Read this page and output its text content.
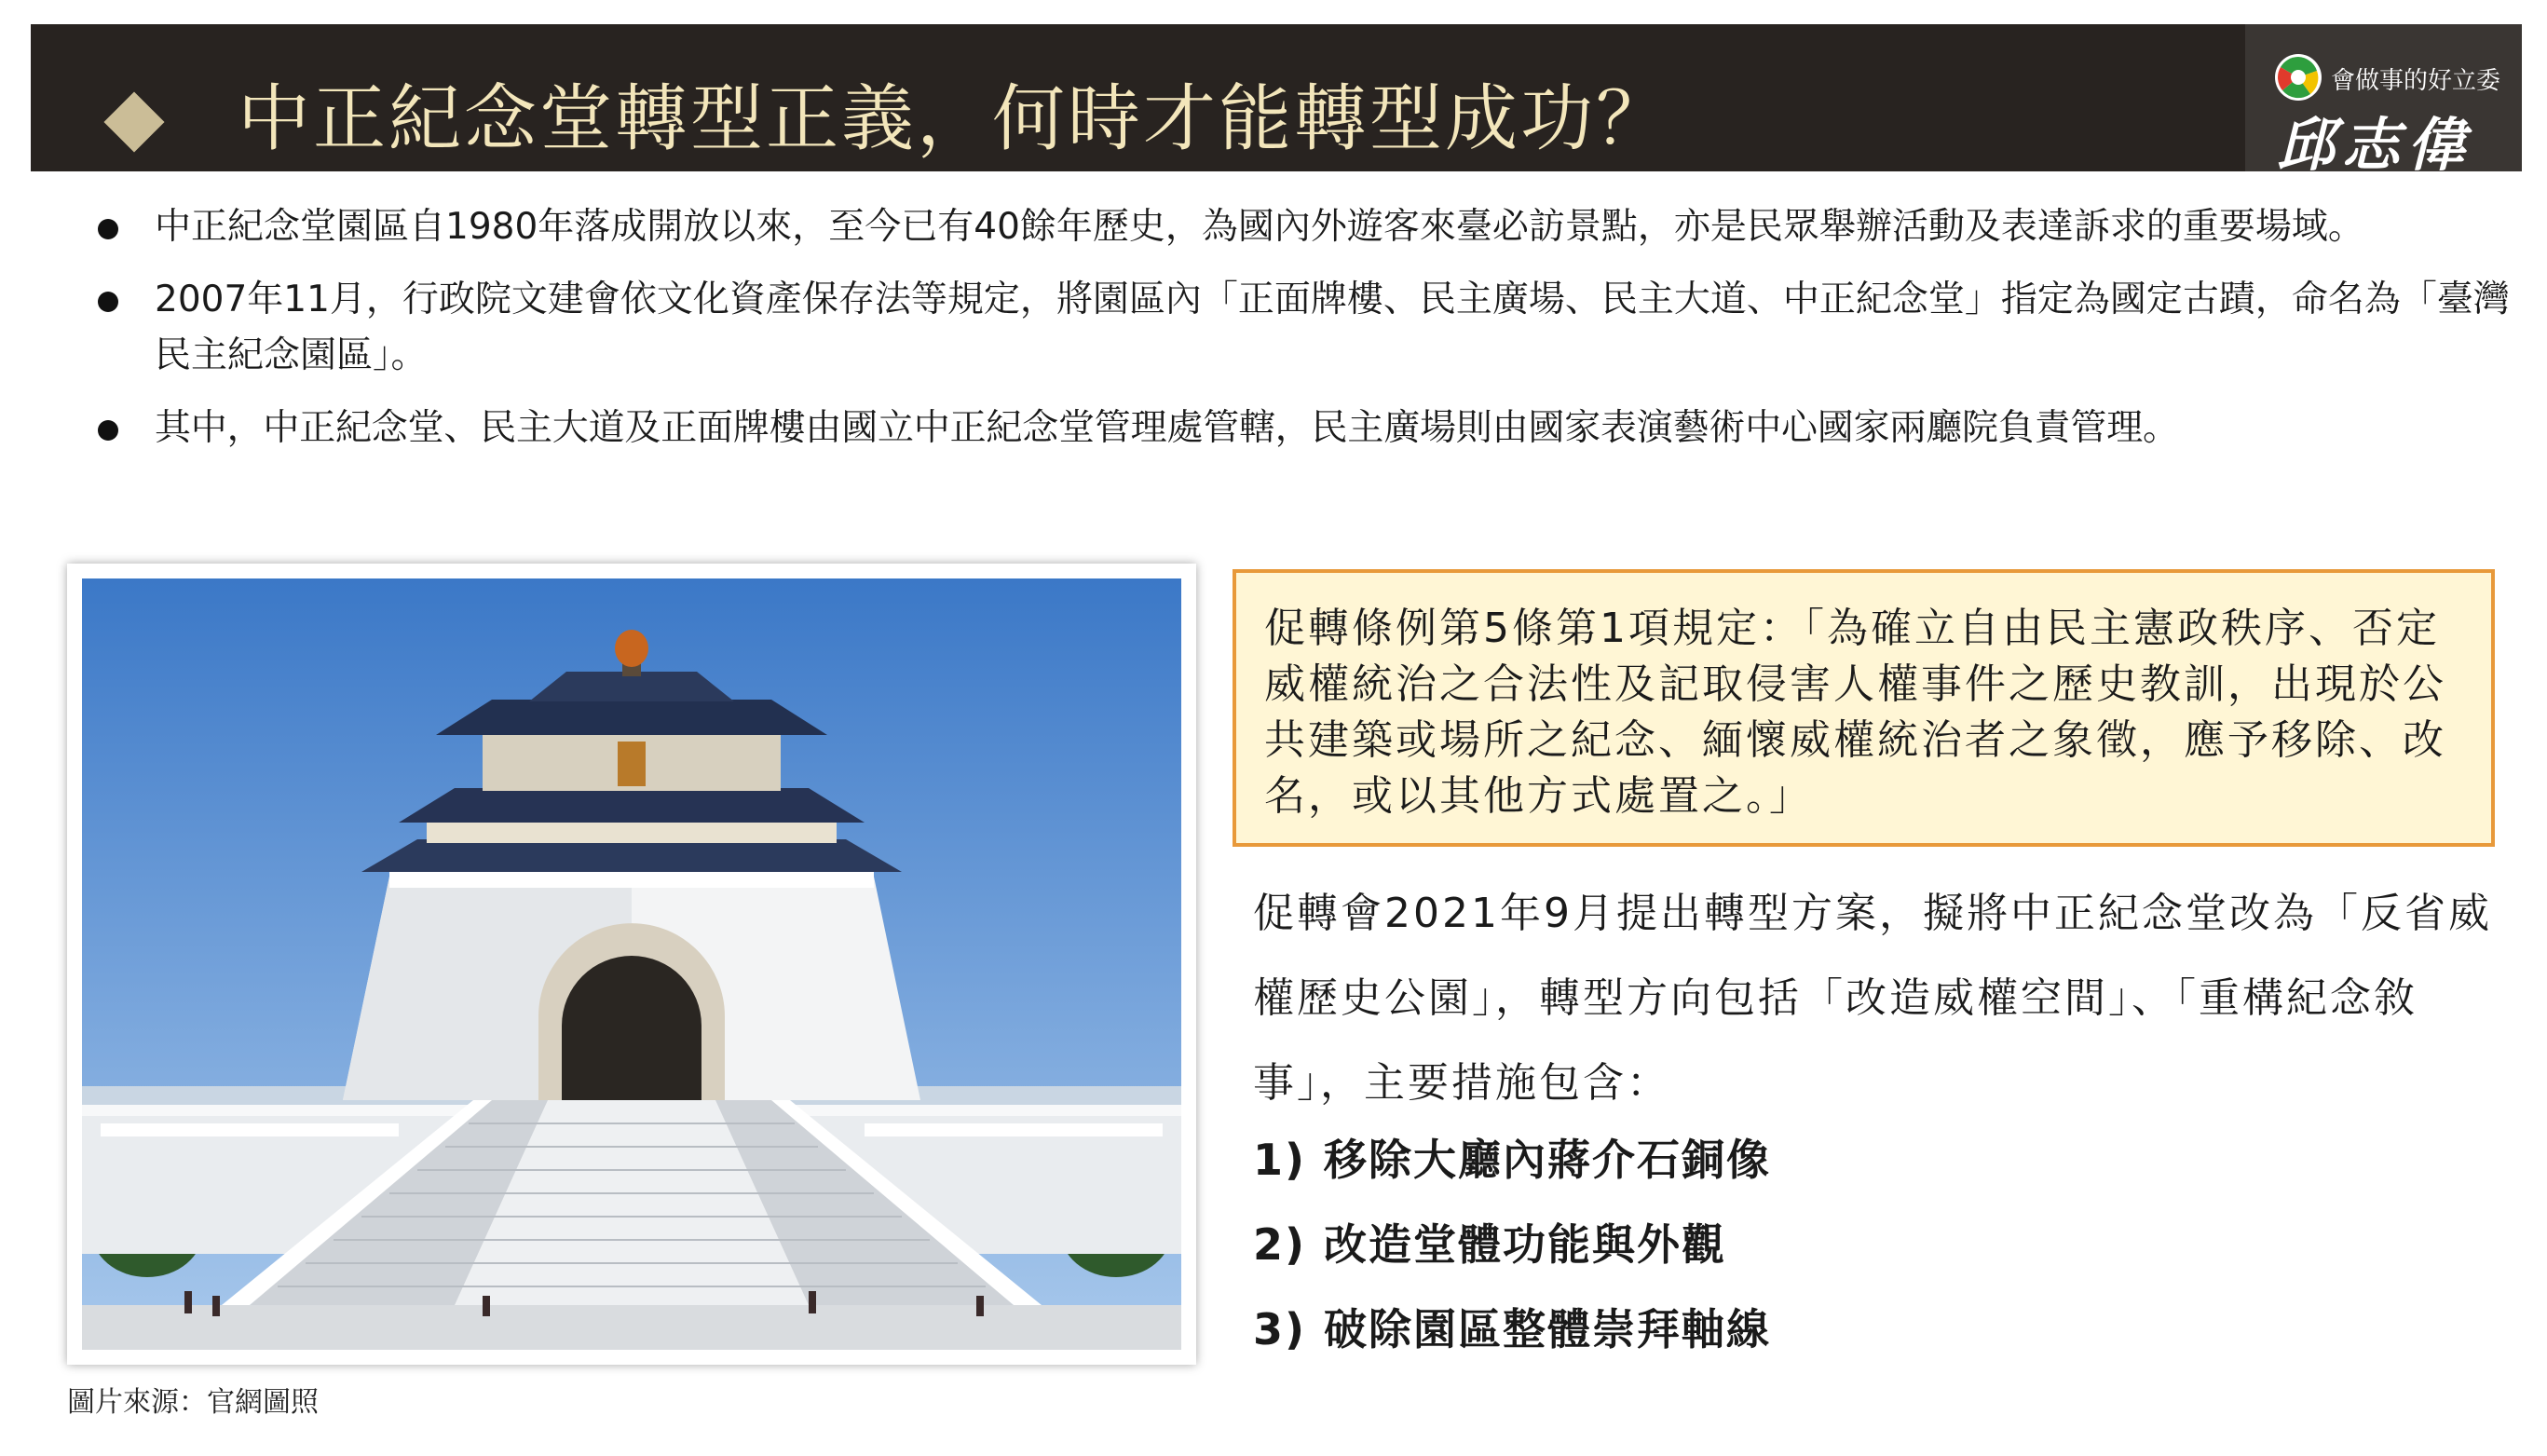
中正紀念堂轉型正義，何時才能轉型成功？	會做事的好立委
邱志偉
中正紀念堂園區自1980年落成開放以來，至今已有40餘年歷史，為國內外遊客來臺必訪景點，亦是民眾舉辦活動及表達訴求的重要場域。
2007年11月，行政院文建會依文化資產保存法等規定，將園區內「正面牌樓、民主廣場、民主大道、中正紀念堂」指定為國定古蹟，命名為「臺灣民主紀念園區」。
其中，中正紀念堂、民主大道及正面牌樓由國立中正紀念堂管理處管轄，民主廣場則由國家表演藝術中心國家兩廳院負責管理。
圖片來源：官網圖照
促轉條例第5條第1項規定：「為確立自由民主憲政秩序、否定威權統治之合法性及記取侵害人權事件之歷史教訓，出現於公共建築或場所之紀念、緬懷威權統治者之象徵，應予移除、改名，或以其他方式處置之。」
促轉會2021年9月提出轉型方案，擬將中正紀念堂改為「反省威權歷史公園」，轉型方向包括「改造威權空間」、「重構紀念敘事」，主要措施包含：
1) 移除大廳內蔣介石銅像
2) 改造堂體功能與外觀
3) 破除園區整體崇拜軸線
